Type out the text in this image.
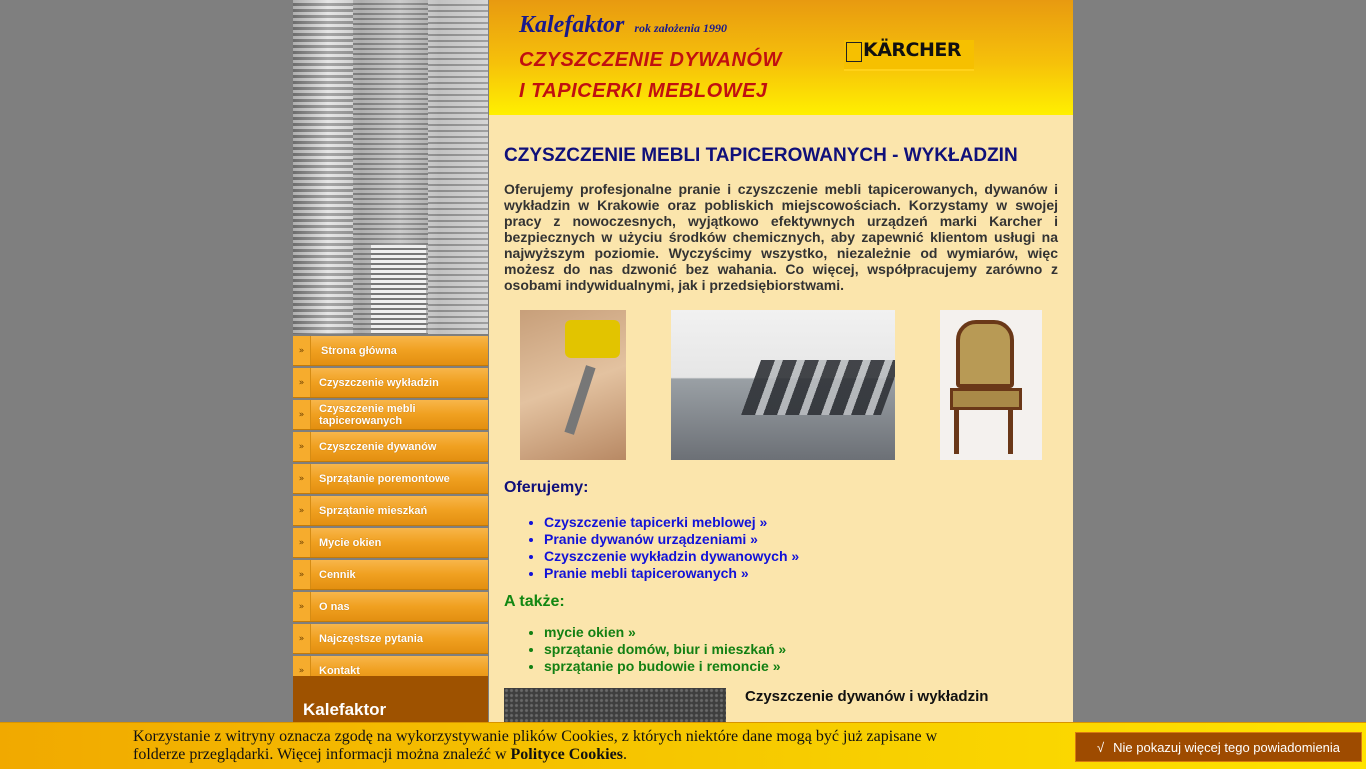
»	Strona główna
»	Czyszczenie wykładzin
»	Czyszczenie mebli tapicerowanych
»	Czyszczenie dywanów
»	Sprzątanie poremontowe
»	Sprzątanie mieszkań
»	Mycie okien
»	Cennik
»	O nas
»	Najczęstsze pytania
»	Kontakt
Kalefaktor
Kalefaktor rok założenia 1990
CZYSZCZENIE DYWANÓW
I TAPICERKI MEBLOWEJ
KÄRCHER
CZYSZCZENIE MEBLI TAPICEROWANYCH - WYKŁADZIN

Oferujemy profesjonalne pranie i czyszczenie mebli tapicerowanych, dywanów i wykładzin w Krakowie oraz pobliskich miejscowościach. Korzystamy w swojej pracy z nowoczesnych, wyjątkowo efektywnych urządzeń marki Karcher i bezpiecznych w użyciu środków chemicznych, aby zapewnić klientom usługi na najwyższym poziomie. Wyczyścimy wszystko, niezależnie od wymiarów, więc możesz do nas dzwonić bez wahania. Co więcej, współpracujemy zarówno z osobami indywidualnymi, jak i przedsiębiorstwami.

Oferujemy:
• Czyszczenie tapicerki meblowej »
• Pranie dywanów urządzeniami »
• Czyszczenie wykładzin dywanowych »
• Pranie mebli tapicerowanych »
A także:
• mycie okien »
• sprzątanie domów, biur i mieszkań »
• sprzątanie po budowie i remoncie »
Czyszczenie dywanów i wykładzin
Korzystanie z witryny oznacza zgodę na wykorzystywanie plików Cookies, z których niektóre dane mogą być już zapisane w folderze przeglądarki. Więcej informacji można znaleźć w Polityce Cookies.	√ Nie pokazuj więcej tego powiadomienia
